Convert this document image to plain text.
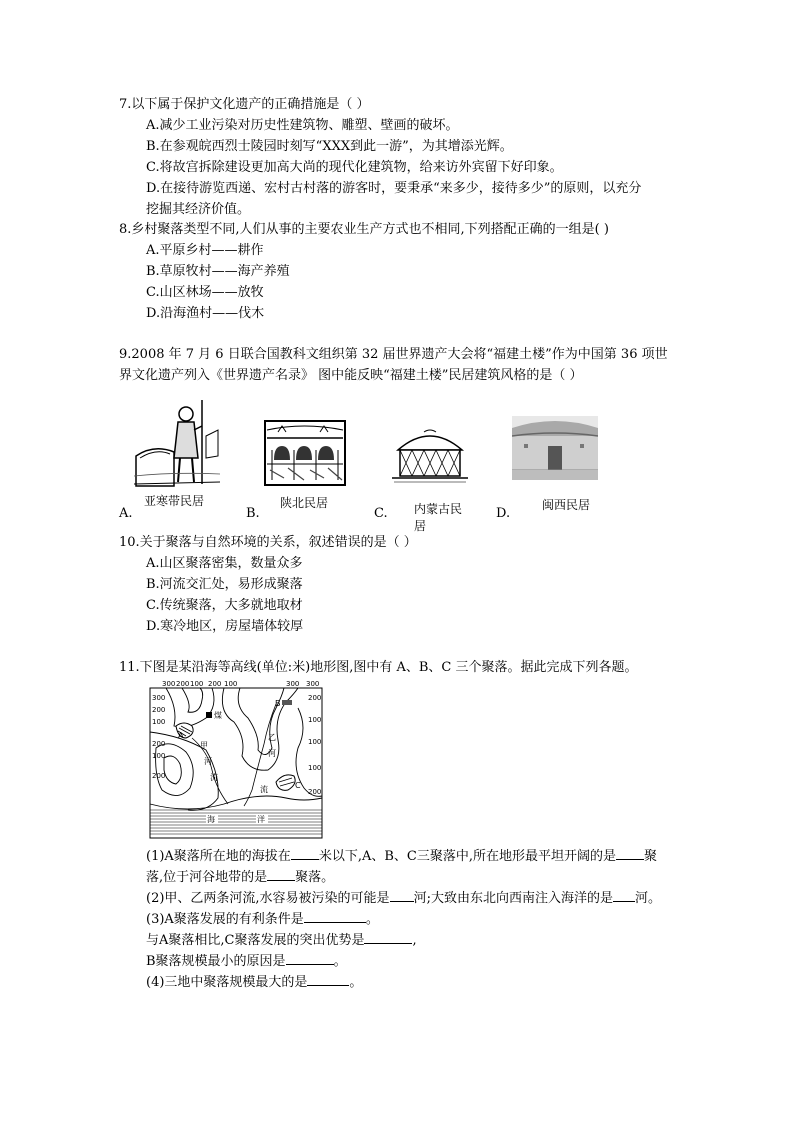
7.以下属于保护文化遗产的正确措施是（ ）
A.减少工业污染对历史性建筑物、雕塑、壁画的破坏。
B.在参观皖西烈士陵园时刻写“XXX到此一游”，为其增添光辉。
C.将故宫拆除建设更加高大尚的现代化建筑物，给来访外宾留下好印象。
D.在接待游览西递、宏村古村落的游客时，要秉承“来多少，接待多少”的原则，以充分
挖掘其经济价值。
8.乡村聚落类型不同,人们从事的主要农业生产方式也不相同,下列搭配正确的一组是( )
A.平原乡村——耕作
B.草原牧村——海产养殖
C.山区林场——放牧
D.沿海渔村——伐木
9.2008 年 7 月 6 日联合国教科文组织第 32 届世界遗产大会将“福建土楼”作为中国第 36 项世
界文化遗产列入《世界遗产名录》 图中能反映“福建土楼”民居建筑风格的是（ ）
亚寒带民居
A.
陕北民居
B.	内蒙古民居
C.
闽西民居
D.
10.关于聚落与自然环境的关系，叙述错误的是（ ）
A.山区聚落密集，数量众多
B.河流交汇处，易形成聚落
C.传统聚落，大多就地取材
D.寒冷地区，房屋墙体较厚
11.下图是某沿海等高线(单位:米)地形图,图中有 A、B、C 三个聚落。据此完成下列各题。
300 200 100 200 100	300 300
300
200
100
200
100
200
200
100
100
100
200
煤
A
B
C
甲
河
流
乙
河
流
海	洋
(1)A聚落所在地的海拔在 米以下,A、B、C三聚落中,所在地形最平坦开阔的是 聚
落,位于河谷地带的是 聚落。
(2)甲、乙两条河流,水容易被污染的可能是 河;大致由东北向西南注入海洋的是 河。
(3)A聚落发展的有利条件是	。
与A聚落相比,C聚落发展的突出优势是	,
B聚落规模最小的原因是	。
(4)三地中聚落规模最大的是	。
